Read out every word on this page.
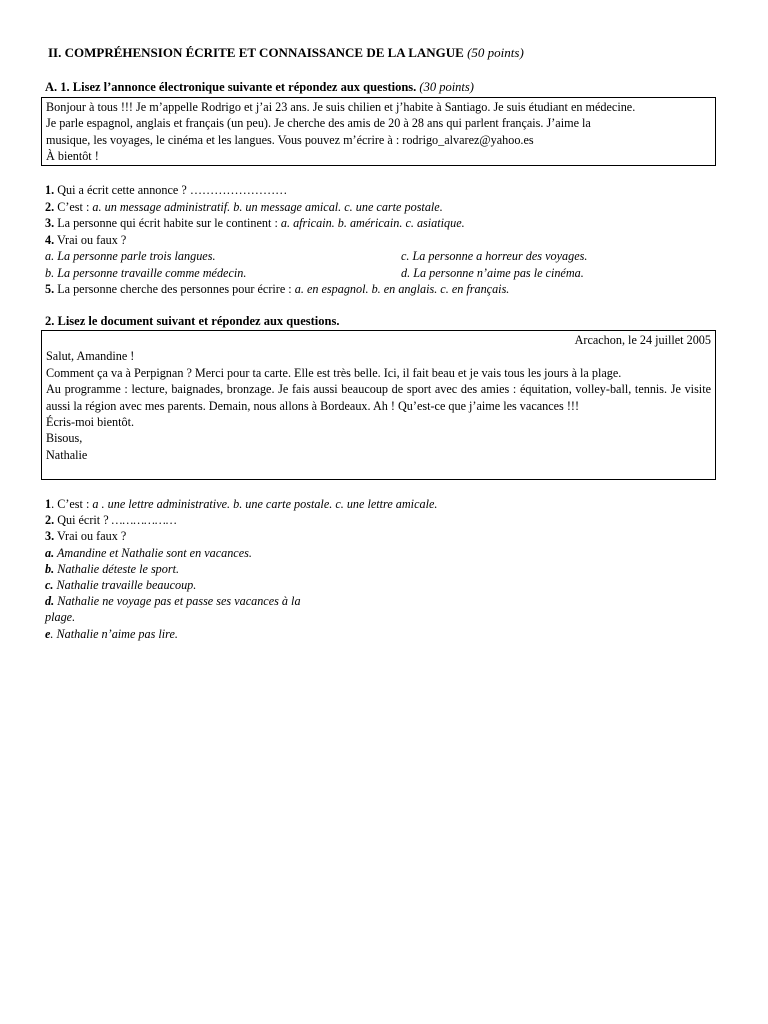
II. COMPRÉHENSION ÉCRITE ET CONNAISSANCE DE LA LANGUE (50 points)
A. 1. Lisez l’annonce électronique suivante et répondez aux questions. (30 points)

Bonjour à tous !!! Je m’appelle Rodrigo et j’ai 23 ans. Je suis chilien et j’habite à Santiago. Je suis étudiant en médecine.

Je parle espagnol, anglais et français (un peu). Je cherche des amis de 20 à 28 ans qui parlent français. J’aime la

musique, les voyages, le cinéma et les langues. Vous pouvez m’écrire à : rodrigo_alvarez@yahoo.es

À bientôt !

1. Qui a écrit cette annonce ? ……………………
2. C’est : a. un message administratif. b. un message amical. c. une carte postale.
3. La personne qui écrit habite sur le continent : a. africain. b. américain. c. asiatique.
4. Vrai ou faux ?
a. La personne parle trois langues.	c. La personne a horreur des voyages.
b. La personne travaille comme médecin.	d. La personne n’aime pas le cinéma.
5. La personne cherche des personnes pour écrire : a. en espagnol. b. en anglais. c. en français.
2. Lisez le document suivant et répondez aux questions.

Arcachon, le 24 juillet 2005

Salut, Amandine !

Comment ça va à Perpignan ? Merci pour ta carte. Elle est très belle. Ici, il fait beau et je vais tous les jours à la plage.

Au programme : lecture, baignades, bronzage. Je fais aussi beaucoup de sport avec des amies : équitation, volley-ball, tennis. Je visite aussi la région avec mes parents. Demain, nous allons à Bordeaux. Ah ! Qu’est-ce que j’aime les vacances !!!

Écris-moi bientôt.

Bisous,

Nathalie

1. C’est : a . une lettre administrative. b. une carte postale. c. une lettre amicale.
2. Qui écrit ? ………………
3. Vrai ou faux ?
a. Amandine et Nathalie sont en vacances.
b. Nathalie déteste le sport.
c. Nathalie travaille beaucoup.
d. Nathalie ne voyage pas et passe ses vacances à la
plage.
e. Nathalie n’aime pas lire.
